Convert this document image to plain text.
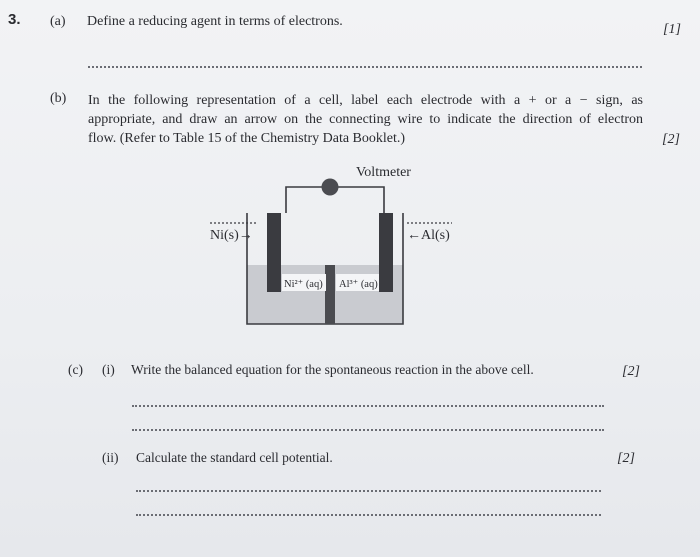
3. (a) Define a reducing agent in terms of electrons.
[1]
(b) In the following representation of a cell, label each electrode with a + or a − sign, as
appropriate, and draw an arrow on the connecting wire to indicate the direction of electron
flow. (Refer to Table 15 of the Chemistry Data Booklet.)	[2]
Voltmeter
Ni(s)→	←Al(s)
Ni²⁺ (aq) Al³⁺ (aq)
(c) (i) Write the balanced equation for the spontaneous reaction in the above cell.	[2]
(ii) Calculate the standard cell potential.	[2]
